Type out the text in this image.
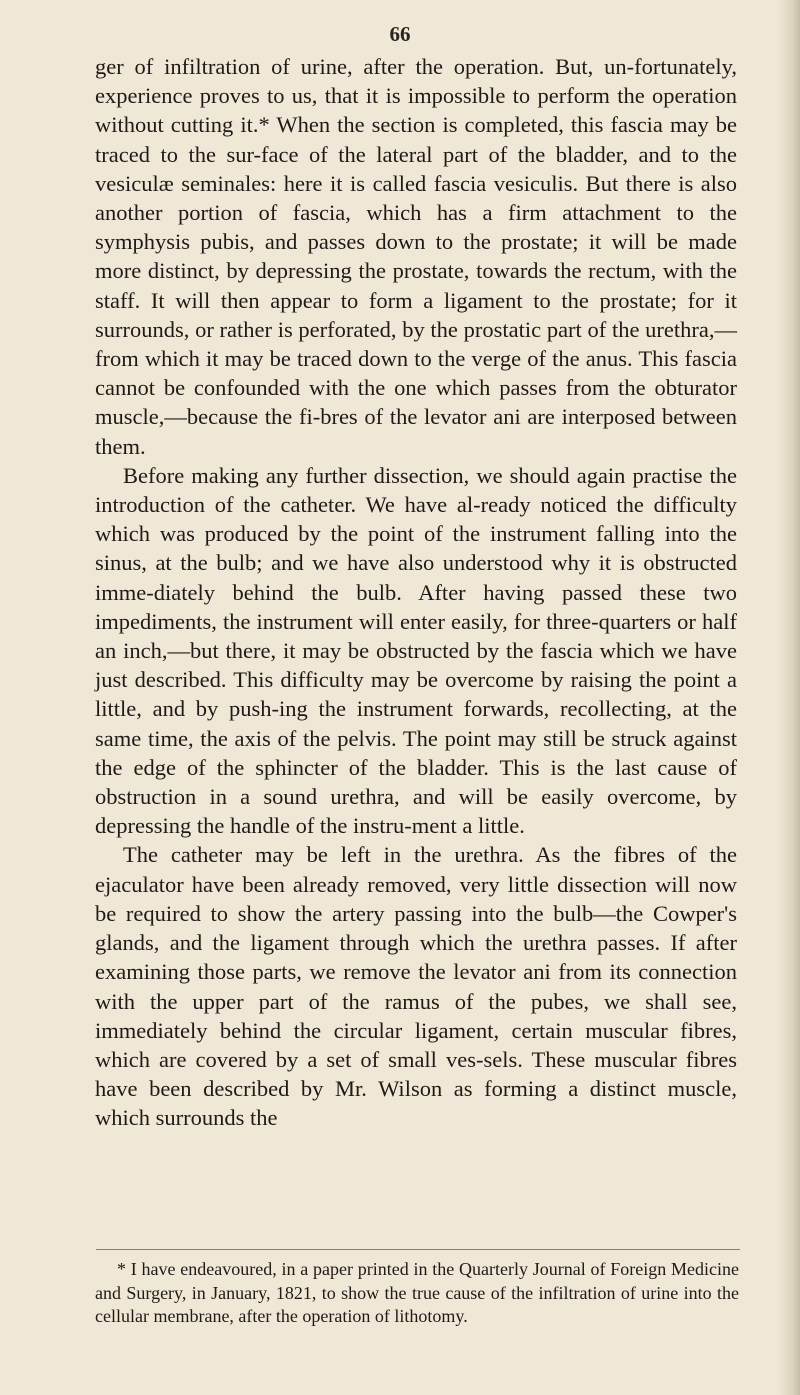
66

ger of infiltration of urine, after the operation. But, un-fortunately, experience proves to us, that it is impossible to perform the operation without cutting it.* When the section is completed, this fascia may be traced to the sur-face of the lateral part of the bladder, and to the vesiculæ seminales: here it is called fascia vesiculis. But there is also another portion of fascia, which has a firm attachment to the symphysis pubis, and passes down to the prostate; it will be made more distinct, by depressing the prostate, towards the rectum, with the staff. It will then appear to form a ligament to the prostate; for it surrounds, or rather is perforated, by the prostatic part of the urethra,— from which it may be traced down to the verge of the anus. This fascia cannot be confounded with the one which passes from the obturator muscle,—because the fi-bres of the levator ani are interposed between them.

Before making any further dissection, we should again practise the introduction of the catheter. We have al-ready noticed the difficulty which was produced by the point of the instrument falling into the sinus, at the bulb; and we have also understood why it is obstructed imme-diately behind the bulb. After having passed these two impediments, the instrument will enter easily, for three-quarters or half an inch,—but there, it may be obstructed by the fascia which we have just described. This difficulty may be overcome by raising the point a little, and by push-ing the instrument forwards, recollecting, at the same time, the axis of the pelvis. The point may still be struck against the edge of the sphincter of the bladder. This is the last cause of obstruction in a sound urethra, and will be easily overcome, by depressing the handle of the instru-ment a little.

The catheter may be left in the urethra. As the fibres of the ejaculator have been already removed, very little dissection will now be required to show the artery passing into the bulb—the Cowper's glands, and the ligament through which the urethra passes. If after examining those parts, we remove the levator ani from its connection with the upper part of the ramus of the pubes, we shall see, immediately behind the circular ligament, certain muscular fibres, which are covered by a set of small ves-sels. These muscular fibres have been described by Mr. Wilson as forming a distinct muscle, which surrounds the

* I have endeavoured, in a paper printed in the Quarterly Journal of Foreign Medicine and Surgery, in January, 1821, to show the true cause of the infiltration of urine into the cellular membrane, after the operation of lithotomy.
